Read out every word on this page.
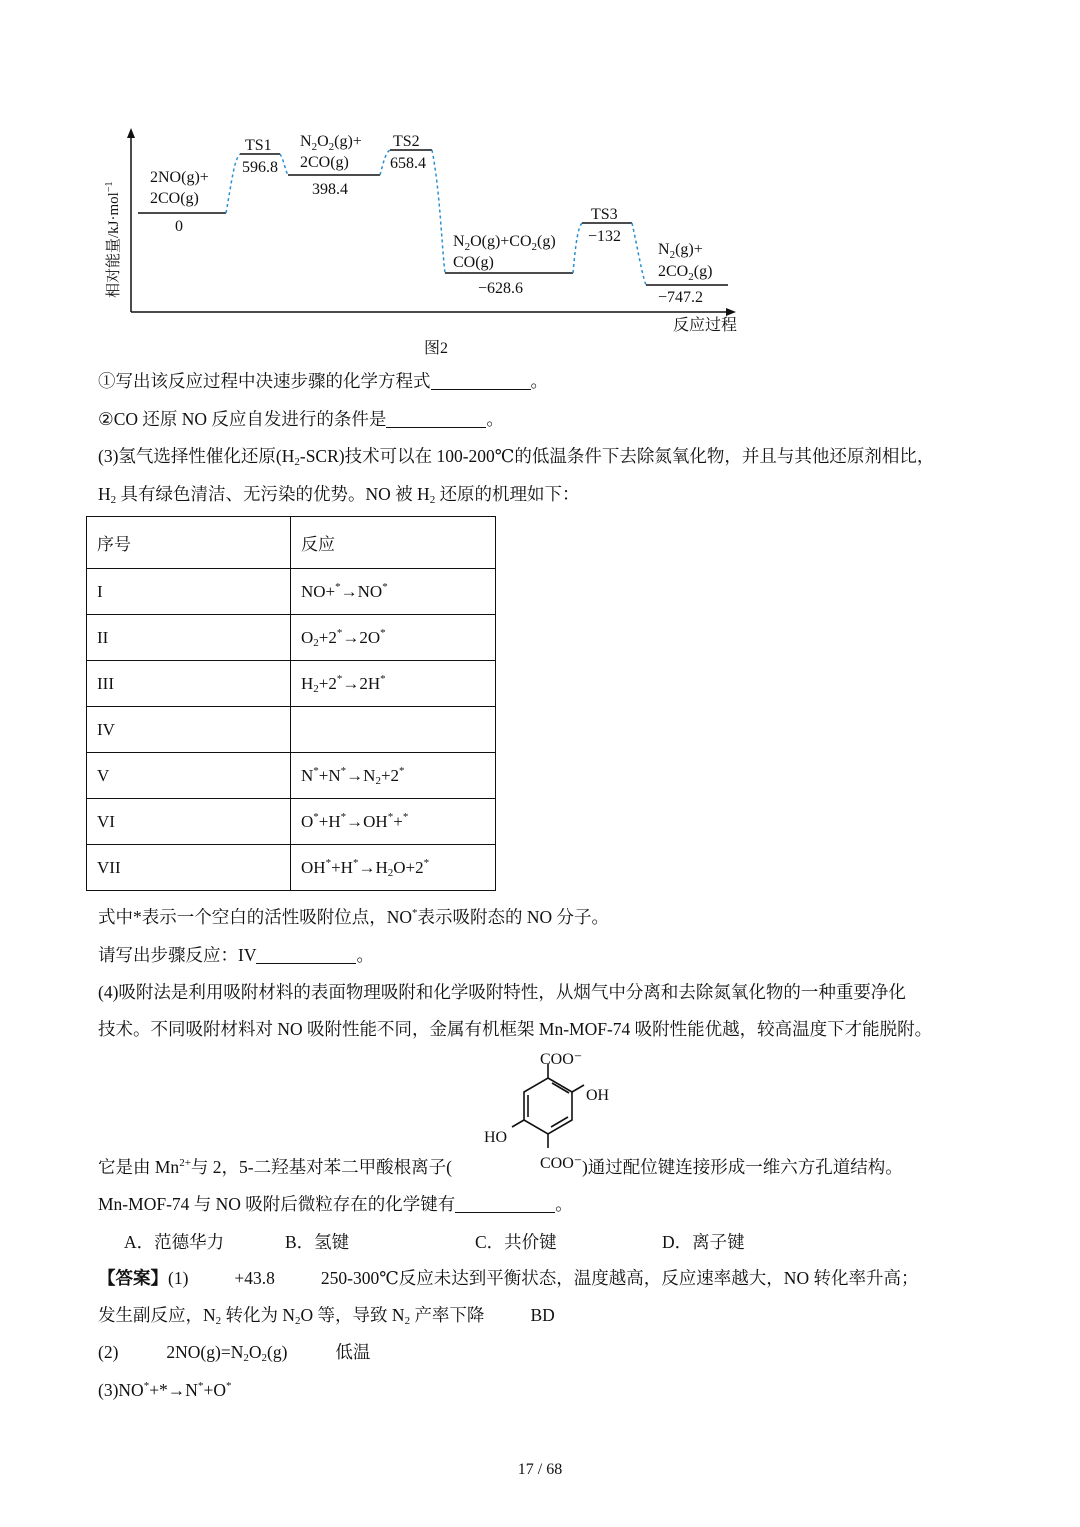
2NO(g)+
2CO(g)
0
TS1
596.8
$N_2O_2(g)+$
2CO(g)
398.4
TS2
658.4
$N_2O(g)+CO_2(g)$
CO(g)
−628.6
TS3
−132
$N_2(g)+$
$2CO_2(g)$
−747.2
反应过程
图2
相对能量/kJ·mol$^{-1}$
①写出该反应过程中决速步骤的化学方程式	。
②CO 还原 NO 反应自发进行的条件是	。
(3)氢气选择性催化还原$(H_2-SCR)$技术可以在 100-200℃的低温条件下去除氮氧化物，并且与其他还原剂相比，
$H_2$ 具有绿色清洁、无污染的优势。NO 被 $H_2$ 还原的机理如下：
序号	反应
I	NO+*→NO*
II	$O_2+2^*\to 2O^*$
III	$H_2+2^*\to 2H^*$
IV	
V	$N^*+N^*\to N_2+2^*$
VI	O*+H*→OH*+*
VII	$OH^*+H^*\to H_2O+2^*$
式中*表示一个空白的活性吸附位点，NO*表示吸附态的 NO 分子。
请写出步骤反应：IV	。
(4)吸附法是利用吸附材料的表面物理吸附和化学吸附特性，从烟气中分离和去除氮氧化物的一种重要净化
技术。不同吸附材料对 NO 吸附性能不同，金属有机框架 Mn-MOF-74 吸附性能优越，较高温度下才能脱附。
COO⁻
OH
HO
COO⁻
它是由 $Mn^{2+}$与 2，5-二羟基对苯二甲酸根离子(	)通过配位键连接形成一维六方孔道结构。
Mn-MOF-74 与 NO 吸附后微粒存在的化学键有	。
A．范德华力	B．氢键	C．共价键	D．离子键
【答案】(1)	+43.8	250-300℃反应未达到平衡状态，温度越高，反应速率越大，NO 转化率升高；
发生副反应，$N_2$ 转化为 $N_2O$ 等，导致 $N_2$ 产率下降	BD
(2)	$2NO(g)=N_2O_2(g)$	低温
(3)NO*+*→N*+O*
17 / 68
